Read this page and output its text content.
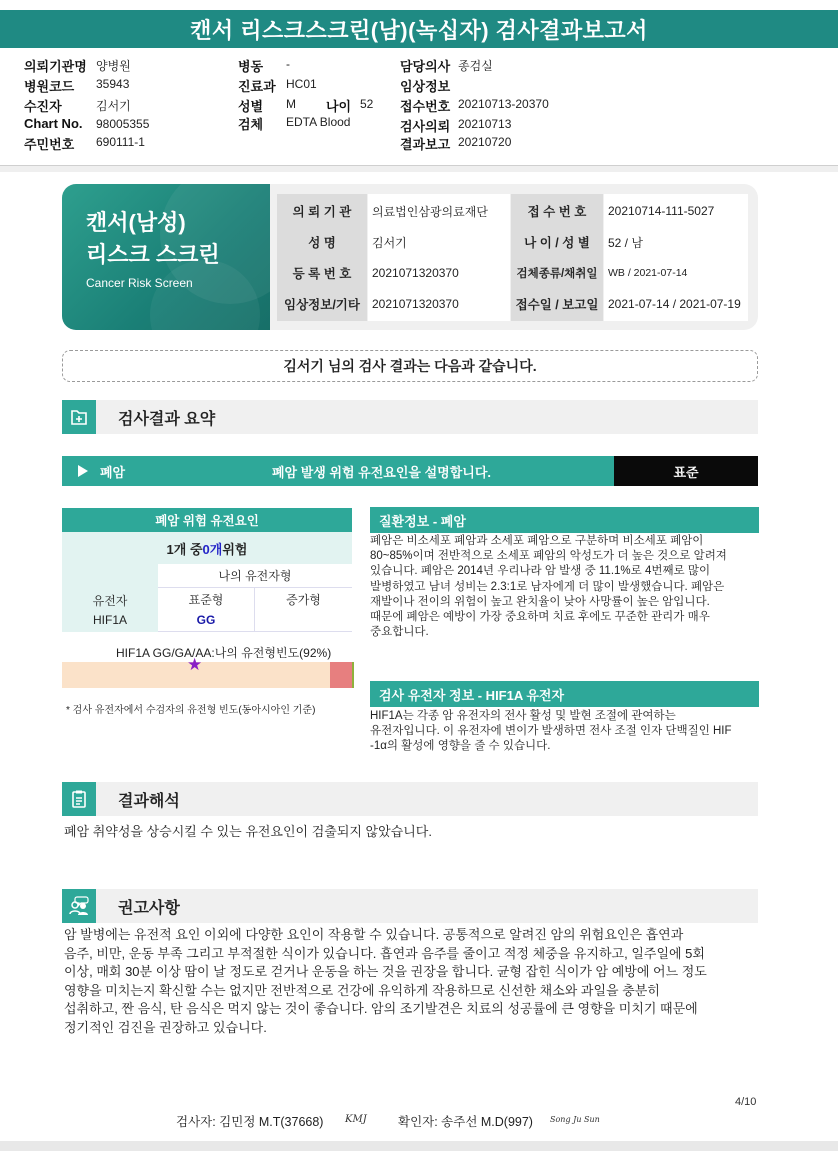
캔서 리스크스크린(남)(녹십자) 검사결과보고서
의뢰기관명 양병원
병원코드 35943
수진자	김서기
Chart No. 98005355
주민번호 690111-1
병동 -
진료과 HC01
성별 M 나이 52
검체 EDTA Blood
담당의사 종검실
임상정보
접수번호 20210713-20370
검사의뢰 20210713
결과보고 20210720
캔서(남성)
리스크 스크린
Cancer Risk Screen
의 뢰 기 관	의료법인삼광의료재단	접 수 번 호	20210714-111-5027
성 명	김서기	나 이 / 성 별	52 / 남
등 록 번 호	2021071320370	검체종류/채취일	WB / 2021-07-14
임상정보/기타	2021071320370	접수일 / 보고일 2021-07-14 / 2021-07-19
김서기 님의 검사 결과는 다음과 같습니다.
검사결과 요약
폐암	폐암 발생 위험 유전요인을 설명합니다.	표준
폐암 위험 유전요인
1개 중 0개 위험
나의 유전자형
유전자	표준형	증가형
HIF1A	GG
HIF1A GG/GA/AA:나의 유전형빈도(92%)
★
* 검사 유전자에서 수검자의 유전형 빈도(동아시아인 기준)
질환정보 - 폐암
폐암은 비소세포 폐암과 소세포 폐암으로 구분하며 비소세포 폐암이
80~85%이며 전반적으로 소세포 폐암의 악성도가 더 높은 것으로 알려져
있습니다. 폐암은 2014년 우리나라 암 발생 중 11.1%로 4번째로 많이
발병하였고 남녀 성비는 2.3:1로 남자에게 더 많이 발생했습니다. 폐암은
재발이나 전이의 위험이 높고 완치율이 낮아 사망률이 높은 암입니다.
때문에 폐암은 예방이 가장 중요하며 치료 후에도 꾸준한 관리가 매우
중요합니다.
검사 유전자 정보 - HIF1A 유전자
HIF1A는 각종 암 유전자의 전사 활성 및 발현 조절에 관여하는
유전자입니다. 이 유전자에 변이가 발생하면 전사 조절 인자 단백질인 HIF
-1α의 활성에 영향을 줄 수 있습니다.
결과해석
폐암 취약성을 상승시킬 수 있는 유전요인이 검출되지 않았습니다.
권고사항
암 발병에는 유전적 요인 이외에 다양한 요인이 작용할 수 있습니다. 공통적으로 알려진 암의 위험요인은 흡연과
음주, 비만, 운동 부족 그리고 부적절한 식이가 있습니다. 흡연과 음주를 줄이고 적정 체중을 유지하고, 일주일에 5회
이상, 매회 30분 이상 땀이 날 정도로 걷거나 운동을 하는 것을 권장을 합니다. 균형 잡힌 식이가 암 예방에 어느 정도
영향을 미치는지 확신할 수는 없지만 전반적으로 건강에 유익하게 작용하므로 신선한 채소와 과일을 충분히
섭취하고, 짠 음식, 탄 음식은 먹지 않는 것이 좋습니다. 암의 조기발견은 치료의 성공률에 큰 영향을 미치기 때문에
정기적인 검진을 권장하고 있습니다.
4/10
검사자: 김민정 M.T(37668) KMJ	확인자: 송주선 M.D(997) Song Ju Sun
